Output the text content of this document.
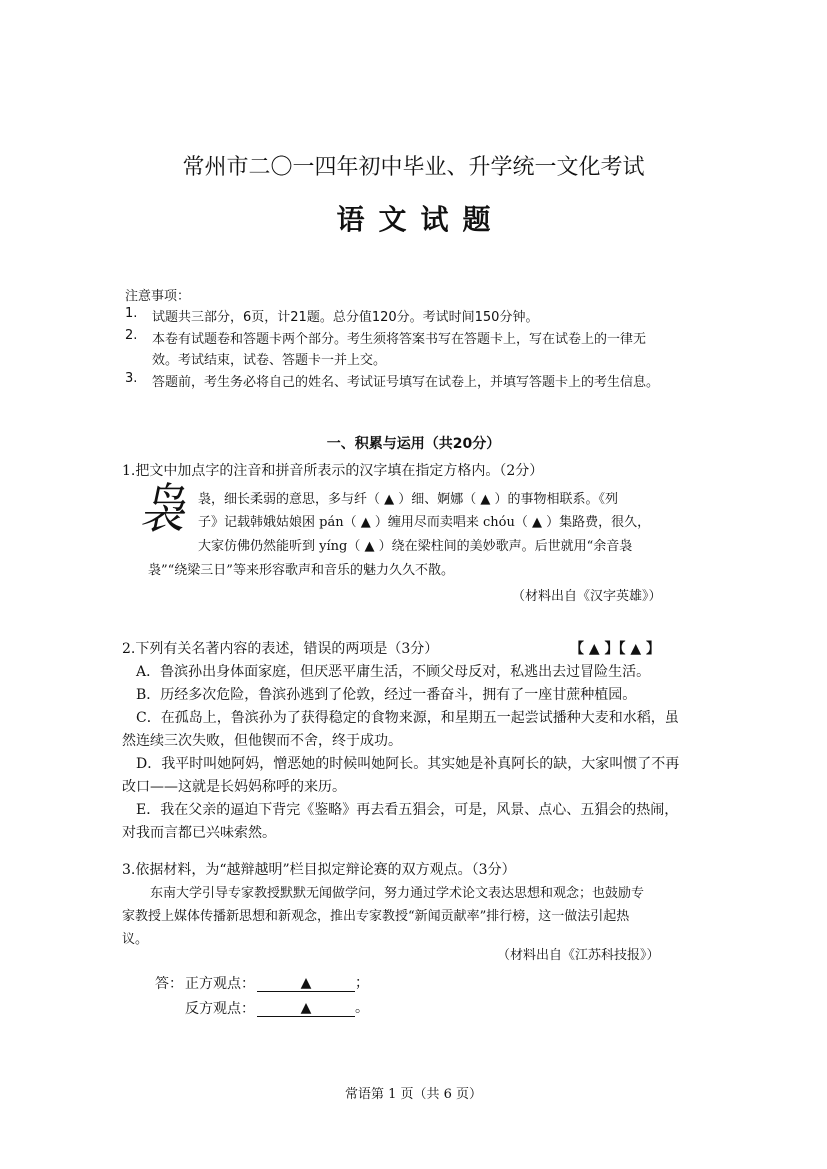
常州市二〇一四年初中毕业、升学统一文化考试
语文试题
注意事项：
1. 试题共三部分，6页，计21题。总分值120分。考试时间150分钟。
2. 本卷有试题卷和答题卡两个部分。考生须将答案书写在答题卡上，写在试卷上的一律无
效。考试结束，试卷、答题卡一并上交。
3. 答题前，考生务必将自己的姓名、考试证号填写在试卷上，并填写答题卡上的考生信息。
一、积累与运用（共20分）
1.把文中加点字的注音和拼音所表示的汉字填在指定方格内。（2分）
袅 袅，细长柔弱的意思，多与纤（ ▲ ）细、婀娜（ ▲ ）的事物相联系。《列
子》记载韩娥姑娘困 pán（ ▲ ）缠用尽而卖唱来 chóu（ ▲ ）集路费，很久，
大家仿佛仍然能听到 yíng（ ▲ ）绕在梁柱间的美妙歌声。后世就用“余音袅
袅”“绕梁三日”等来形容歌声和音乐的魅力久久不散。
（材料出自《汉字英雄》）
2.下列有关名著内容的表述，错误的两项是（3分）	【 ▲ 】【 ▲ 】
A．鲁滨孙出身体面家庭，但厌恶平庸生活，不顾父母反对，私逃出去过冒险生活。
B．历经多次危险，鲁滨孙逃到了伦敦，经过一番奋斗，拥有了一座甘蔗种植园。
C．在孤岛上，鲁滨孙为了获得稳定的食物来源，和星期五一起尝试播种大麦和水稻，虽
然连续三次失败，但他锲而不舍，终于成功。
D．我平时叫她阿妈，憎恶她的时候叫她阿长。其实她是补真阿长的缺，大家叫惯了不再
改口——这就是长妈妈称呼的来历。
E．我在父亲的逼迫下背完《鉴略》再去看五猖会，可是，风景、点心、五猖会的热闹，
对我而言都已兴味索然。
3.依据材料，为“越辩越明”栏目拟定辩论赛的双方观点。（3分）
东南大学引导专家教授默默无闻做学问，努力通过学术论文表达思想和观念；也鼓励专
家教授上媒体传播新思想和新观念，推出专家教授“新闻贡献率”排行榜，这一做法引起热
议。
（材料出自《江苏科技报》）
答： 正方观点：	▲	；
反方观点：	▲	。
常语第 1 页（共 6 页）
